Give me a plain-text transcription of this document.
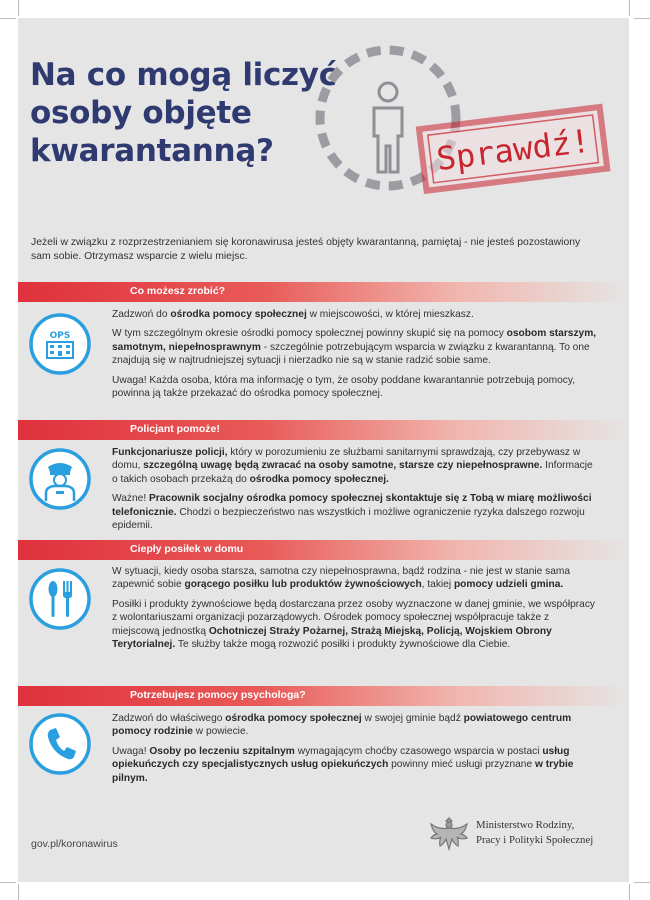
Na co mogą liczyć
osoby objęte
kwarantanną?	Sprawdź!

Jeżeli w związku z rozprzestrzenianiem się koronawirusa jesteś objęty kwarantanną, pamiętaj - nie jesteś pozostawiony sam sobie. Otrzymasz wsparcie z wielu miejsc.

Co możesz zrobić?
OPS

Zadzwoń do ośrodka pomocy społecznej w miejscowości, w której mieszkasz.

W tym szczególnym okresie ośrodki pomocy społecznej powinny skupić się na pomocy osobom starszym, samotnym, niepełnosprawnym - szczególnie potrzebującym wsparcia w związku z kwarantanną. To one znajdują się w najtrudniejszej sytuacji i nierzadko nie są w stanie radzić sobie same.

Uwaga! Każda osoba, która ma informację o tym, że osoby poddane kwarantannie potrzebują pomocy, powinna ją także przekazać do ośrodka pomocy społecznej.

Policjant pomoże!

Funkcjonariusze policji, który w porozumieniu ze służbami sanitarnymi sprawdzają, czy przebywasz w domu, szczególną uwagę będą zwracać na osoby samotne, starsze czy niepełnosprawne. Informacje o takich osobach przekażą do ośrodka pomocy społecznej.

Ważne! Pracownik socjalny ośrodka pomocy społecznej skontaktuje się z Tobą w miarę możliwości telefonicznie. Chodzi o bezpieczeństwo nas wszystkich i możliwe ograniczenie ryzyka dalszego rozwoju epidemii.

Ciepły posiłek w domu

W sytuacji, kiedy osoba starsza, samotna czy niepełnosprawna, bądź rodzina - nie jest w stanie sama zapewnić sobie gorącego posiłku lub produktów żywnościowych, takiej pomocy udzieli gmina.

Posiłki i produkty żywnościowe będą dostarczana przez osoby wyznaczone w danej gminie, we współpracy z wolontariuszami organizacji pozarządowych. Ośrodek pomocy społecznej współpracuje także z miejscową jednostką Ochotniczej Straży Pożarnej, Strażą Miejską, Policją, Wojskiem Obrony Terytorialnej. Te służby także mogą rozwozić posiłki i produkty żywnościowe dla Ciebie.

Potrzebujesz pomocy psychologa?

Zadzwoń do właściwego ośrodka pomocy społecznej w swojej gminie bądź powiatowego centrum pomocy rodzinie w powiecie.

Uwaga! Osoby po leczeniu szpitalnym wymagającym choćby czasowego wsparcia w postaci usług opiekuńczych czy specjalistycznych usług opiekuńczych powinny mieć usługi przyznane w trybie pilnym.

gov.pl/koronawirus
Ministerstwo Rodziny,
Pracy i Polityki Społecznej
